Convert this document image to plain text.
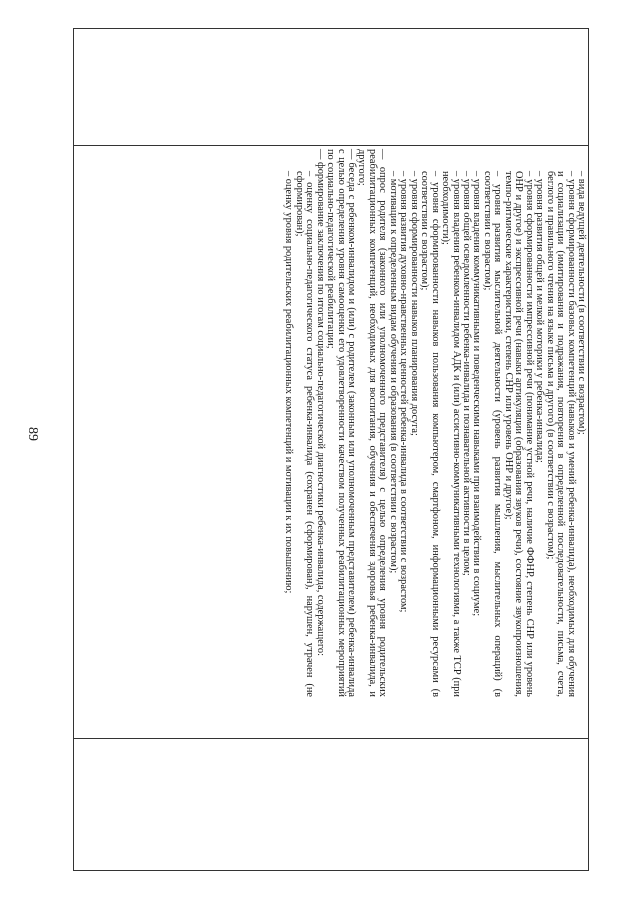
89	– вида ведущей деятельности (в соответствии с возрастом);

– уровня сформированности базовых компетенций (навыков и умений ребенка-инвалида), необходимых для обучения и социализации (имитирования и подражания, повторения в определенной последовательности, письма, счета, беглого и правильного чтения на языке письма и другого) (в соответствии с возрастом);

– уровня развития общей и мелкой моторики у ребенка-инвалида;

– уровня сформированности импрессивной речи (понимание устной речи, наличие ФФНР, степень СНР или уровень ОНР и другое) и экспрессивной речи (навыки артикуляции (образования звуков речи), состояние звукопроизношения, темпо-ритмические характеристики, степень СНР или уровень ОНР и другое);

– уровня развития мыслительной деятельности (уровень развития мышления, мыслительных операций) (в соответствии с возрастом);

– уровня владения коммуникативными и поведенческими навыками при взаимодействии в социуме;

– уровня общей осведомленности ребенка-инвалида и познавательной активности в целом;

– уровня владения ребенком-инвалидом АДК и (или) ассистивно-коммуникативными технологиями, а также ТСР (при необходимости);

– уровня сформированности навыков пользования компьютером, смартфоном, информационными ресурсами (в соответствии с возрастом);

– уровня сформированности навыков планирования досуга;

– уровня развития духовно-нравственных ценностей ребенка-инвалида в соответствии с возрастом;

– мотивации к определенным видам обучения и образования (в соответствии с возрастом);

— опрос родителя (законного или уполномоченного представителя) с целью определения уровня родительских реабилитационных компетенций, необходимых для воспитания, обучения и обеспечения здоровья ребенка-инвалида, и другого;

— беседа с ребенком-инвалидом и (или) с родителем (законным или уполномоченным представителем) ребенка-инвалида с целью определения уровня самооценки его удовлетворенности качеством полученных реабилитационных мероприятий по социально-педагогической реабилитации;

— формирование заключения по итогам социально-педагогической диагностики ребенка-инвалида, содержащего:

– оценку социально-педагогического статуса ребенка-инвалида (сохранен (сформирован), нарушен, утрачен (не сформирован);

– оценку уровня родительских реабилитационных компетенций и мотивации к их повышению;
